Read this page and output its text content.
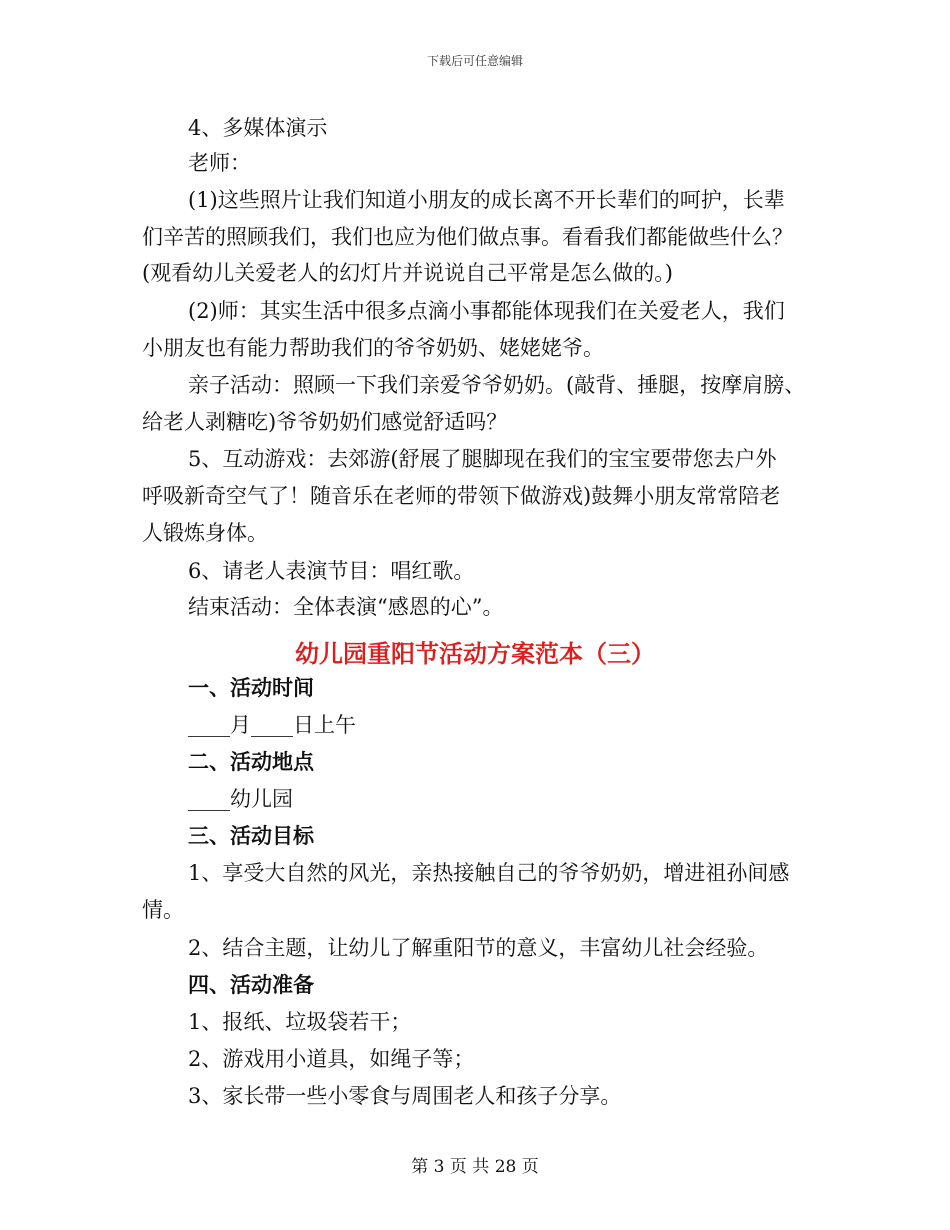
下载后可任意编辑
4、多媒体演示
老师：
(1)这些照片让我们知道小朋友的成长离不开长辈们的呵护，长辈
们辛苦的照顾我们，我们也应为他们做点事。看看我们都能做些什么？
(观看幼儿关爱老人的幻灯片并说说自己平常是怎么做的。)
(2)师：其实生活中很多点滴小事都能体现我们在关爱老人，我们
小朋友也有能力帮助我们的爷爷奶奶、姥姥姥爷。
亲子活动：照顾一下我们亲爱爷爷奶奶。(敲背、捶腿，按摩肩膀、
给老人剥糖吃)爷爷奶奶们感觉舒适吗？
5、互动游戏：去郊游(舒展了腿脚现在我们的宝宝要带您去户外
呼吸新奇空气了！随音乐在老师的带领下做游戏)鼓舞小朋友常常陪老
人锻炼身体。
6、请老人表演节目：唱红歌。
结束活动：全体表演“感恩的心”。
幼儿园重阳节活动方案范本（三）
一、活动时间
____月____日上午
二、活动地点
____幼儿园
三、活动目标
1、享受大自然的风光，亲热接触自己的爷爷奶奶，增进祖孙间感
情。
2、结合主题，让幼儿了解重阳节的意义，丰富幼儿社会经验。
四、活动准备
1、报纸、垃圾袋若干；
2、游戏用小道具，如绳子等；
3、家长带一些小零食与周围老人和孩子分享。
第 3 页 共 28 页
